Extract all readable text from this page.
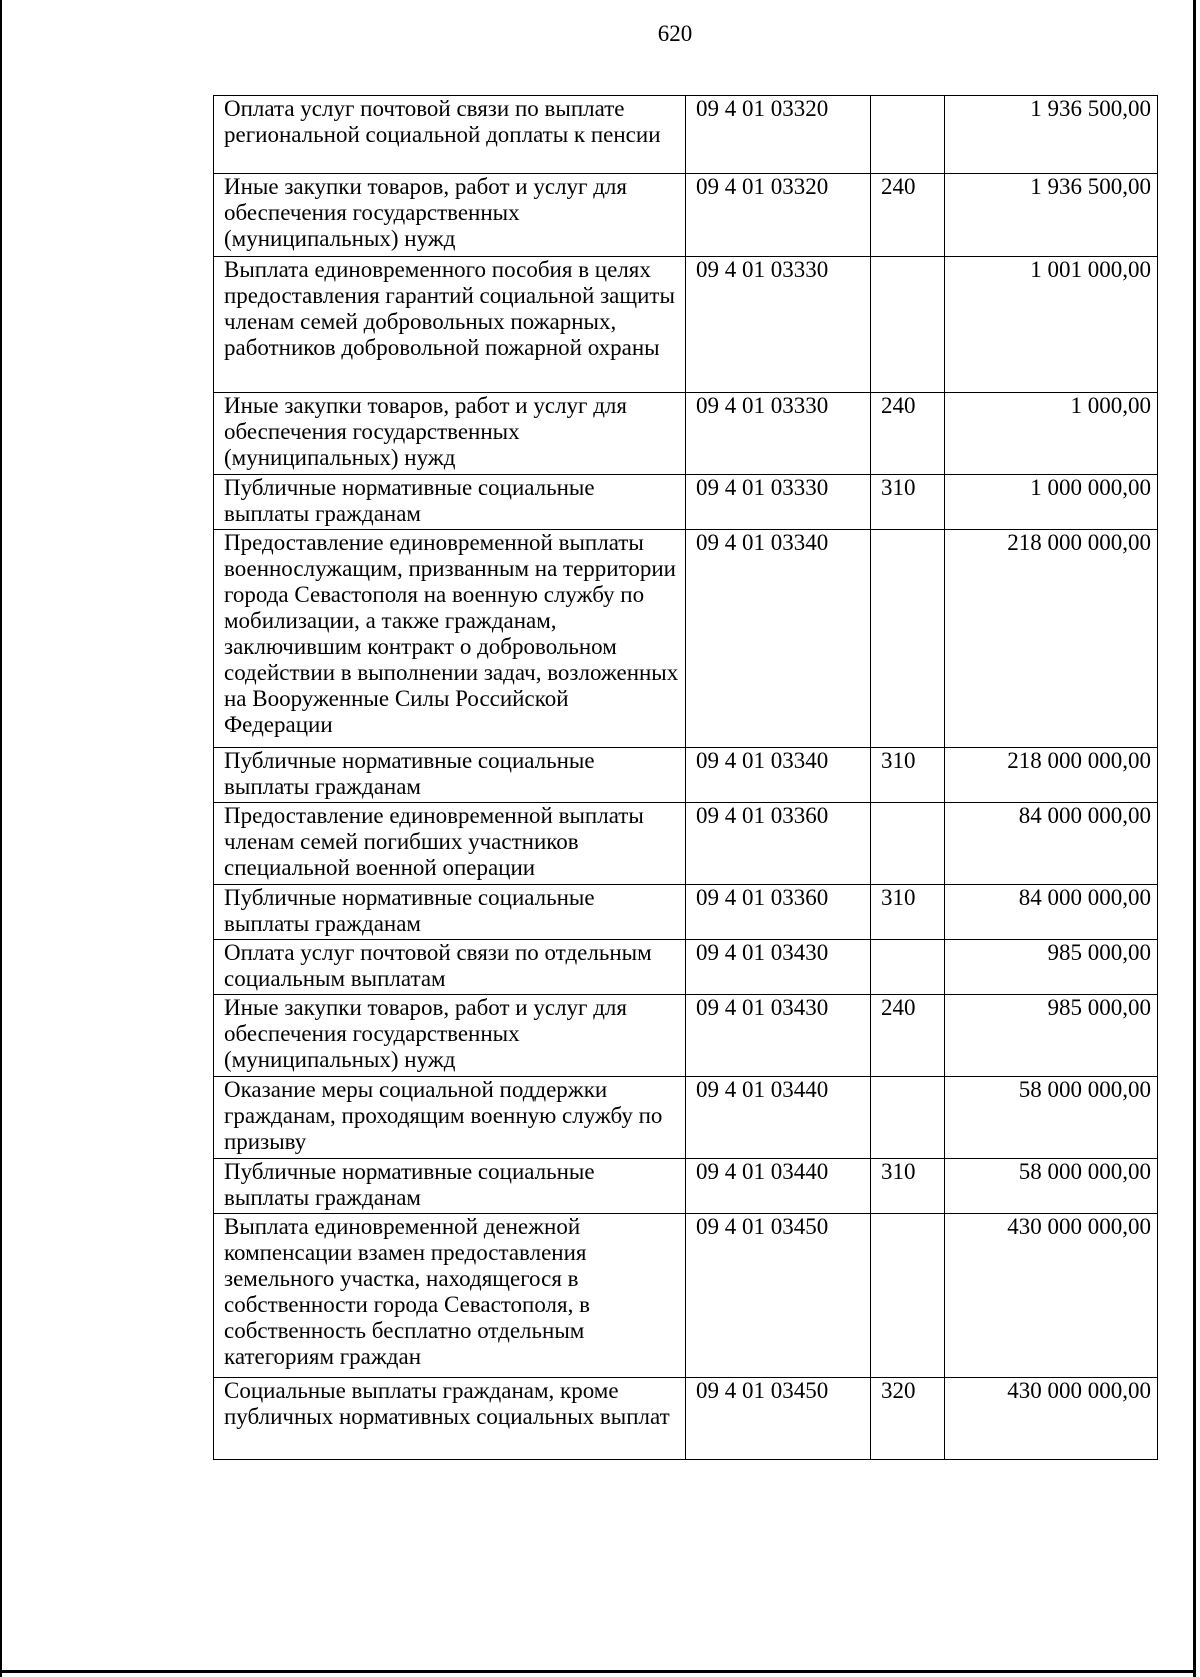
620
Оплата услуг почтовой связи по выплате региональной социальной доплаты к пенсии	09 4 01 03320		1 936 500,00
Иные закупки товаров, работ и услуг для обеспечения государственных (муниципальных) нужд	09 4 01 03320	240	1 936 500,00
Выплата единовременного пособия в целях предоставления гарантий социальной защиты членам семей добровольных пожарных, работников добровольной пожарной охраны	09 4 01 03330		1 001 000,00
Иные закупки товаров, работ и услуг для обеспечения государственных (муниципальных) нужд	09 4 01 03330	240	1 000,00
Публичные нормативные социальные выплаты гражданам	09 4 01 03330	310	1 000 000,00
Предоставление единовременной выплаты военнослужащим, призванным на территории города Севастополя на военную службу по мобилизации, а также гражданам, заключившим контракт о добровольном содействии в выполнении задач, возложенных на Вооруженные Силы Российской Федерации	09 4 01 03340		218 000 000,00
Публичные нормативные социальные выплаты гражданам	09 4 01 03340	310	218 000 000,00
Предоставление единовременной выплаты членам семей погибших участников специальной военной операции	09 4 01 03360		84 000 000,00
Публичные нормативные социальные выплаты гражданам	09 4 01 03360	310	84 000 000,00
Оплата услуг почтовой связи по отдельным социальным выплатам	09 4 01 03430		985 000,00
Иные закупки товаров, работ и услуг для обеспечения государственных (муниципальных) нужд	09 4 01 03430	240	985 000,00
Оказание меры социальной поддержки гражданам, проходящим военную службу по призыву	09 4 01 03440		58 000 000,00
Публичные нормативные социальные выплаты гражданам	09 4 01 03440	310	58 000 000,00
Выплата единовременной денежной компенсации взамен предоставления земельного участка, находящегося в собственности города Севастополя, в собственность бесплатно отдельным категориям граждан	09 4 01 03450		430 000 000,00
Социальные выплаты гражданам, кроме публичных нормативных социальных выплат	09 4 01 03450	320	430 000 000,00
